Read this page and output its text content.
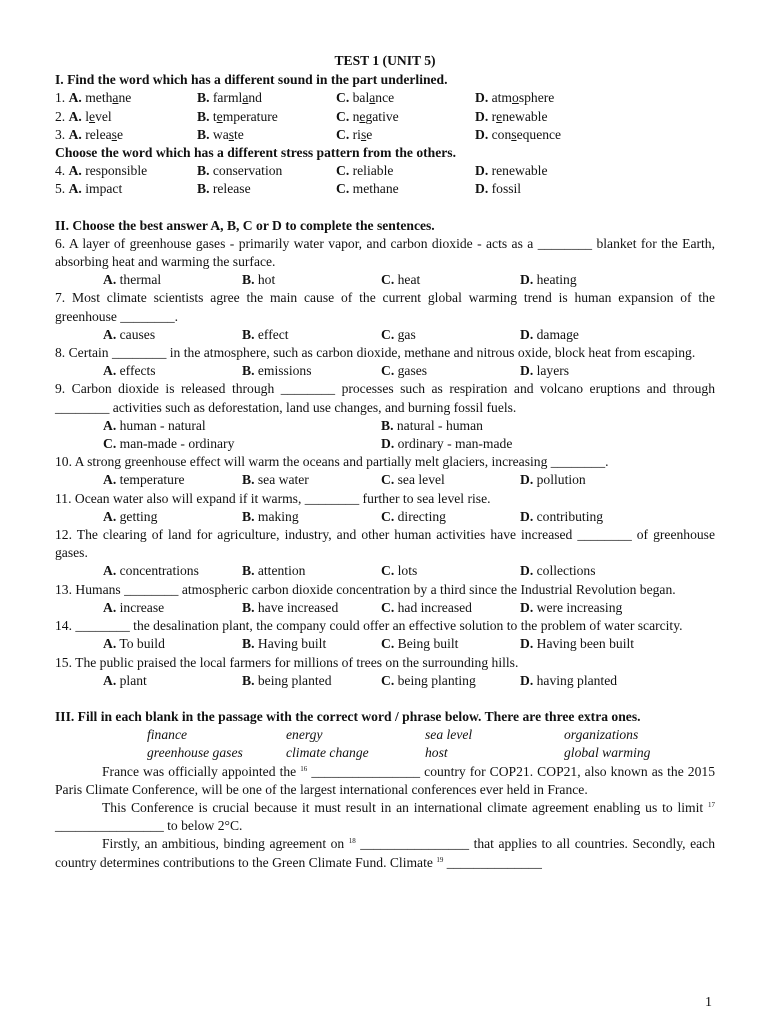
TEST 1 (UNIT 5)
I. Find the word which has a different sound in the part underlined.
1. A. methane	B. farmland	C. balance	D. atmosphere
2. A. level	B. temperature	C. negative	D. renewable
3. A. release	B. waste	C. rise	D. consequence
Choose the word which has a different stress pattern from the others.
4. A. responsible	B. conservation	C. reliable	D. renewable
5. A. impact	B. release	C. methane	D. fossil
II. Choose the best answer A, B, C or D to complete the sentences.
6. A layer of greenhouse gases - primarily water vapor, and carbon dioxide - acts as a ________ blanket for the Earth, absorbing heat and warming the surface.
A. thermal	B. hot	C. heat	D. heating
7. Most climate scientists agree the main cause of the current global warming trend is human expansion of the greenhouse ________.
A. causes	B. effect	C. gas	D. damage
8. Certain ________ in the atmosphere, such as carbon dioxide, methane and nitrous oxide, block heat from escaping.
A. effects	B. emissions	C. gases	D. layers
9. Carbon dioxide is released through ________ processes such as respiration and volcano eruptions and through ________ activities such as deforestation, land use changes, and burning fossil fuels.
A. human - natural	B. natural - human
C. man-made - ordinary	D. ordinary - man-made
10. A strong greenhouse effect will warm the oceans and partially melt glaciers, increasing ________.
A. temperature	B. sea water	C. sea level	D. pollution
11. Ocean water also will expand if it warms, ________ further to sea level rise.
A. getting	B. making	C. directing	D. contributing
12. The clearing of land for agriculture, industry, and other human activities have increased ________ of greenhouse gases.
A. concentrations	B. attention	C. lots	D. collections
13. Humans ________ atmospheric carbon dioxide concentration by a third since the Industrial Revolution began.
A. increase	B. have increased	C. had increased	D. were increasing
14. ________ the desalination plant, the company could offer an effective solution to the problem of water scarcity.
A. To build	B. Having built	C. Being built	D. Having been built
15. The public praised the local farmers for millions of trees on the surrounding hills.
A. plant	B. being planted	C. being planting	D. having planted
III. Fill in each blank in the passage with the correct word / phrase below. There are three extra ones.
finance	energy	sea level	organizations
greenhouse gases	climate change	host	global warming
France was officially appointed the $^{16}$ ________________ country for COP21. COP21, also known as the 2015 Paris Climate Conference, will be one of the largest international conferences ever held in France.
This Conference is crucial because it must result in an international climate agreement enabling us to limit $^{17}$ ________________ to below 2°C.
Firstly, an ambitious, binding agreement on $^{18}$ ________________ that applies to all countries. Secondly, each country determines contributions to the Green Climate Fund. Climate $^{19}$ ______________
1
